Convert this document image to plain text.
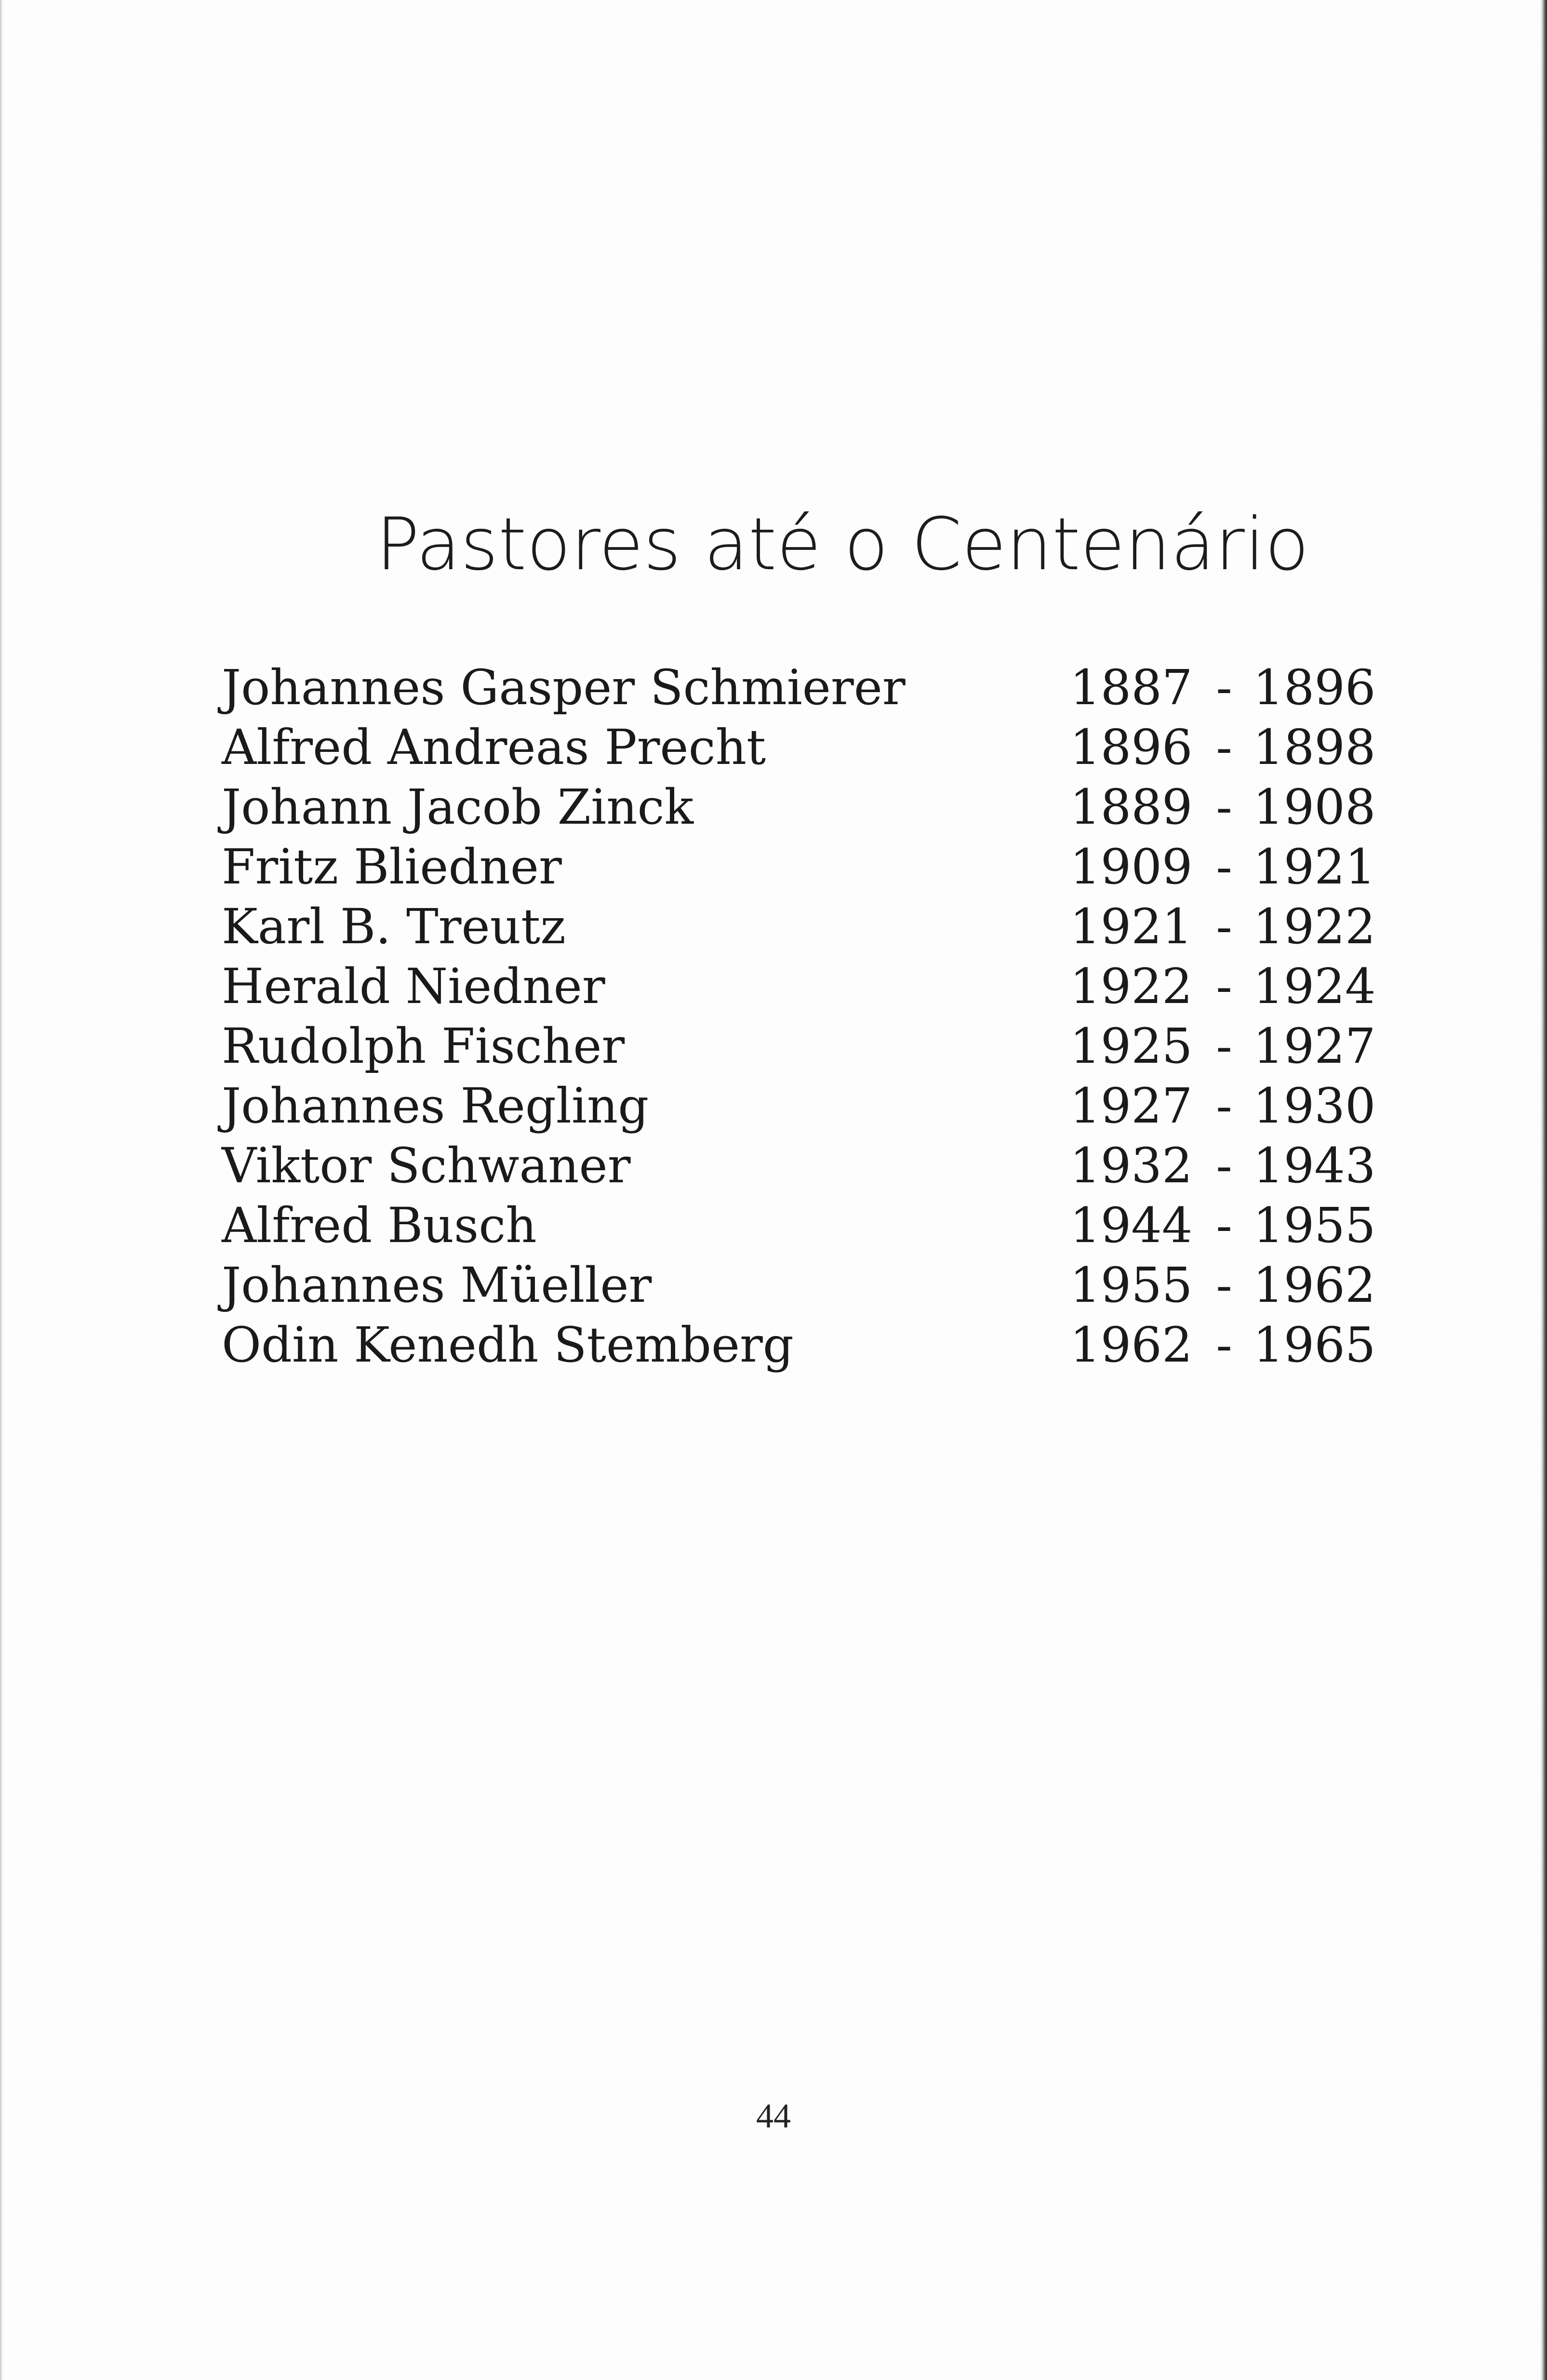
Pastores até o Centenário
Johannes Gasper Schmierer	1887 - 1896
Alfred Andreas Precht	1896 - 1898
Johann Jacob Zinck	1889 - 1908
Fritz Bliedner	1909 - 1921
Karl B. Treutz	1921 - 1922
Herald Niedner	1922 - 1924
Rudolph Fischer	1925 - 1927
Johannes Regling	1927 - 1930
Viktor Schwaner	1932 - 1943
Alfred Busch	1944 - 1955
Johannes Müeller	1955 - 1962
Odin Kenedh Stemberg	1962 - 1965
44
